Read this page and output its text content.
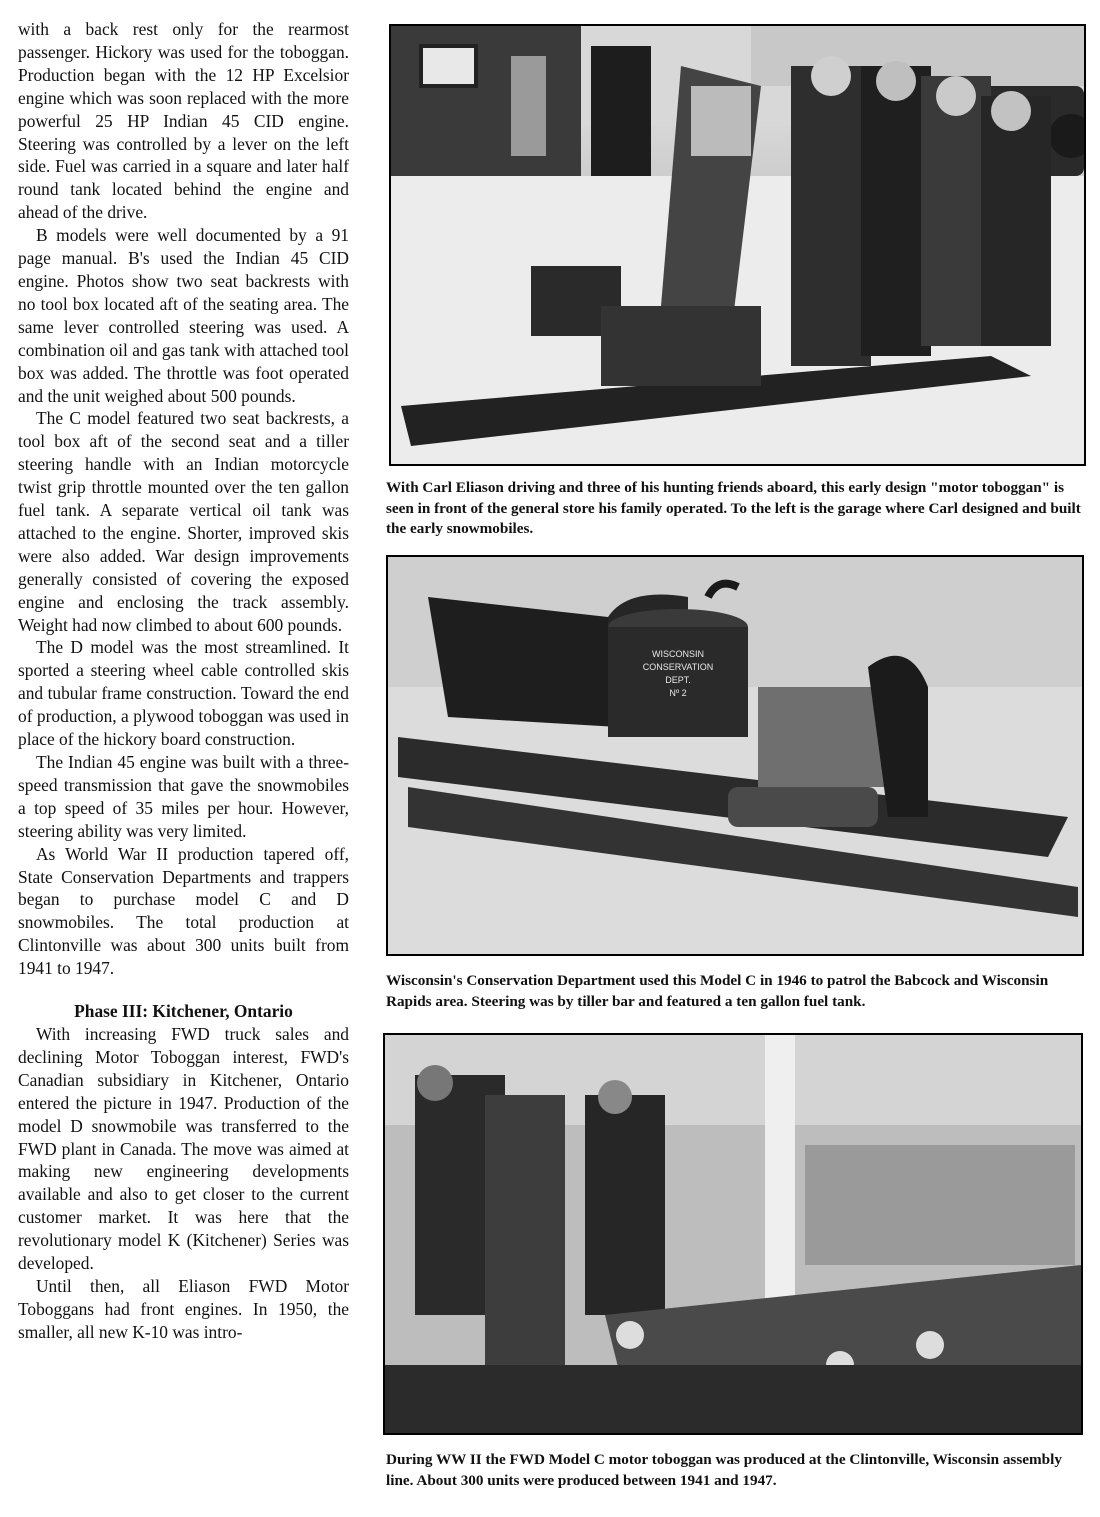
with a back rest only for the rearmost passenger. Hickory was used for the toboggan. Production began with the 12 HP Excelsior engine which was soon replaced with the more powerful 25 HP Indian 45 CID engine. Steering was controlled by a lever on the left side. Fuel was carried in a square and later half round tank located behind the engine and ahead of the drive.

B models were well documented by a 91 page manual. B's used the Indian 45 CID engine. Photos show two seat backrests with no tool box located aft of the seating area. The same lever controlled steering was used. A combination oil and gas tank with attached tool box was added. The throttle was foot operated and the unit weighed about 500 pounds.

The C model featured two seat backrests, a tool box aft of the second seat and a tiller steering handle with an Indian motorcycle twist grip throttle mounted over the ten gallon fuel tank. A separate vertical oil tank was attached to the engine. Shorter, improved skis were also added. War design improvements generally consisted of covering the exposed engine and enclosing the track assembly. Weight had now climbed to about 600 pounds.

The D model was the most streamlined. It sported a steering wheel cable controlled skis and tubular frame construction. Toward the end of production, a plywood toboggan was used in place of the hickory board construction.

The Indian 45 engine was built with a three-speed transmission that gave the snowmobiles a top speed of 35 miles per hour. However, steering ability was very limited.

As World War II production tapered off, State Conservation Departments and trappers began to purchase model C and D snowmobiles. The total production at Clintonville was about 300 units built from 1941 to 1947.

Phase III: Kitchener, Ontario

With increasing FWD truck sales and declining Motor Toboggan interest, FWD's Canadian subsidiary in Kitchener, Ontario entered the picture in 1947. Production of the model D snowmobile was transferred to the FWD plant in Canada. The move was aimed at making new engineering developments available and also to get closer to the current customer market. It was here that the revolutionary model K (Kitchener) Series was developed.

Until then, all Eliason FWD Motor Toboggans had front engines. In 1950, the smaller, all new K-10 was intro-

With Carl Eliason driving and three of his hunting friends aboard, this early design "motor toboggan" is seen in front of the general store his family operated. To the left is the garage where Carl designed and built the early snowmobiles.
WISCONSIN
CONSERVATION
DEPT.
Nº 2
Wisconsin's Conservation Department used this Model C in 1946 to patrol the Babcock and Wisconsin Rapids area. Steering was by tiller bar and featured a ten gallon fuel tank.
During WW II the FWD Model C motor toboggan was produced at the Clintonville, Wisconsin assembly line. About 300 units were produced between 1941 and 1947.
